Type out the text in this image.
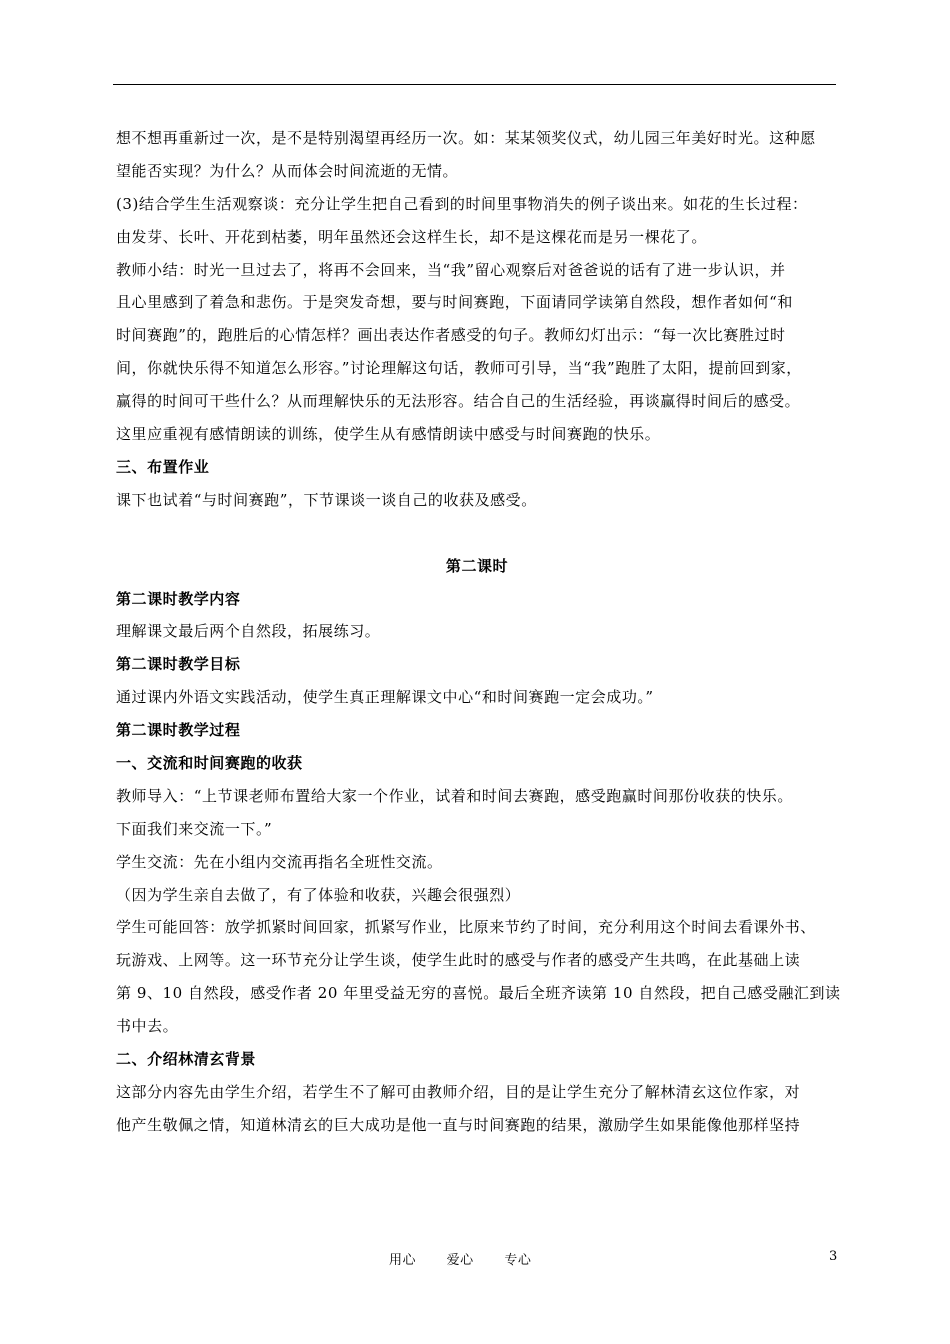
想不想再重新过一次，是不是特别渴望再经历一次。如：某某领奖仪式，幼儿园三年美好时光。这种愿
望能否实现？为什么？从而体会时间流逝的无情。
(3)结合学生生活观察谈：充分让学生把自己看到的时间里事物消失的例子谈出来。如花的生长过程：
由发芽、长叶、开花到枯萎，明年虽然还会这样生长，却不是这棵花而是另一棵花了。
教师小结：时光一旦过去了，将再不会回来，当“我”留心观察后对爸爸说的话有了进一步认识，并
且心里感到了着急和悲伤。于是突发奇想，要与时间赛跑，下面请同学读第自然段，想作者如何“和
时间赛跑”的，跑胜后的心情怎样？画出表达作者感受的句子。教师幻灯出示：“每一次比赛胜过时
间，你就快乐得不知道怎么形容。”讨论理解这句话，教师可引导，当“我”跑胜了太阳，提前回到家，
赢得的时间可干些什么？从而理解快乐的无法形容。结合自己的生活经验，再谈赢得时间后的感受。
这里应重视有感情朗读的训练，使学生从有感情朗读中感受与时间赛跑的快乐。
三、布置作业
课下也试着“与时间赛跑”，下节课谈一谈自己的收获及感受。
第二课时
第二课时教学内容
理解课文最后两个自然段，拓展练习。
第二课时教学目标
通过课内外语文实践活动，使学生真正理解课文中心“和时间赛跑一定会成功。”
第二课时教学过程
一、交流和时间赛跑的收获
教师导入：“上节课老师布置给大家一个作业，试着和时间去赛跑，感受跑赢时间那份收获的快乐。
下面我们来交流一下。”
学生交流：先在小组内交流再指名全班性交流。
（因为学生亲自去做了，有了体验和收获，兴趣会很强烈）
学生可能回答：放学抓紧时间回家，抓紧写作业，比原来节约了时间，充分利用这个时间去看课外书、
玩游戏、上网等。这一环节充分让学生谈，使学生此时的感受与作者的感受产生共鸣，在此基础上读
第 9、10 自然段，感受作者 20 年里受益无穷的喜悦。最后全班齐读第 10 自然段，把自己感受融汇到读
书中去。
二、介绍林清玄背景
这部分内容先由学生介绍，若学生不了解可由教师介绍，目的是让学生充分了解林清玄这位作家，对
他产生敬佩之情，知道林清玄的巨大成功是他一直与时间赛跑的结果，激励学生如果能像他那样坚持
用心 爱心 专心	3
